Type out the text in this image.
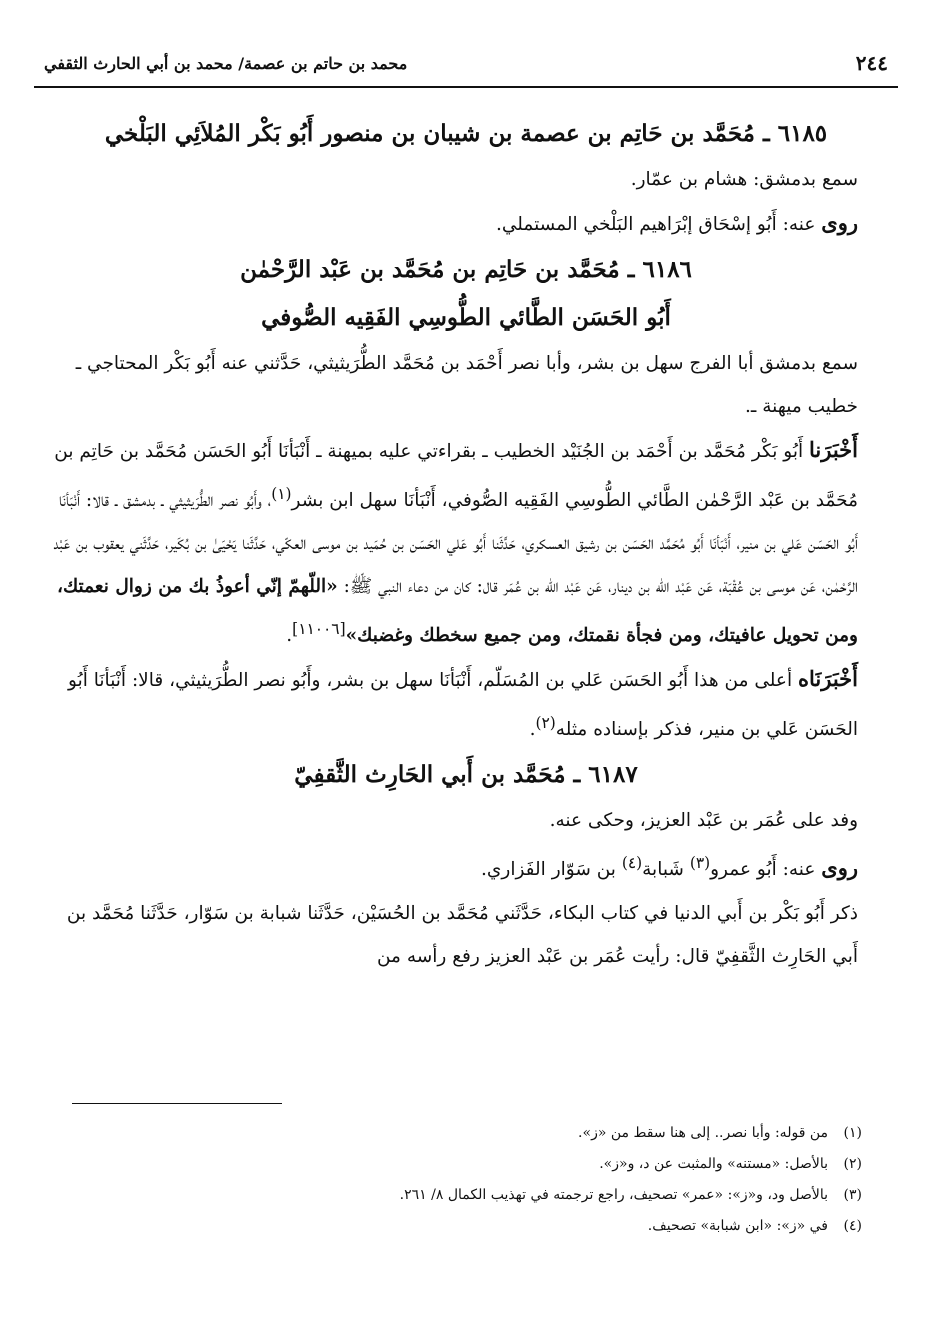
٢٤٤
محمد بن حاتم بن عصمة/ محمد بن أبي الحارث الثقفي

٦١٨٥ ـ مُحَمَّد بن حَاتِم بن عصمة بن شيبان بن منصور أَبُو بَكْر المُلاَئِي البَلْخي

سمع بدمشق: هشام بن عمّار.

روى عنه: أَبُو إسْحَاق إبْرَاهيم البَلْخي المستملي.

٦١٨٦ ـ مُحَمَّد بن حَاتِم بن مُحَمَّد بن عَبْد الرَّحْمٰن

أَبُو الحَسَن الطَّائي الطُّوسِي الفَقِيه الصُّوفي

سمع بدمشق أبا الفرج سهل بن بشر، وأبا نصر أَحْمَد بن مُحَمَّد الطُّرَيثيثي، حَدَّثني عنه أَبُو بَكْر المحتاجي ـ خطيب ميهنة ـ.

أَخْبَرَنا أَبُو بَكْر مُحَمَّد بن أَحْمَد بن الجُنَيْد الخطيب ـ بقراءتي عليه بميهنة ـ أَنْبَأنَا أَبُو الحَسَن مُحَمَّد بن حَاتِم بن مُحَمَّد بن عَبْد الرَّحْمٰن الطَّائي الطُّوسِي الفَقِيه الصُّوفي، أَنْبَأنَا سهل ابن بشر$^{(١)}$، وأَبُو نصر الطُّرَيثيثي ـ بدمشق ـ قالا: أَنْبَأنَا أَبُو الحَسَن عَلي بن منير، أَنْبَأنَا أَبُو مُحَمَّد الحَسَن بن رشيق العسكري، حَدَّثَنا أَبُو عَلي الحَسَن بن حُمَيد بن موسى العكّي، حَدَّثَنا يَحْيَىٰ بن بُكَير، حَدَّثَني يعقوب بن عَبْد الرَّحْمٰن، عَن موسى بن عُقْبَة، عَن عَبْد اللّه بن دينار، عَن عَبْد اللّه بن عُمَر قال: كان من دعاء النبي ﷺ: «اللّهمّ إنّي أعوذُ بك من زوال نعمتك، ومن تحويل عافيتك، ومن فجأة نقمتك، ومن جميع سخطك وغضبك»[١١٠٠٦].

أَخْبَرَنَاه أعلى من هذا أَبُو الحَسَن عَلي بن المُسَلّم، أَنْبَأنَا سهل بن بشر، وأَبُو نصر الطُّرَيثيثي، قالا: أَنْبَأنَا أَبُو الحَسَن عَلي بن منير، فذكر بإسناده مثله$^{(٢)}$.

٦١٨٧ ـ مُحَمَّد بن أَبي الحَارِث الثَّقفِيّ

وفد على عُمَر بن عَبْد العزيز، وحكى عنه.

روى عنه: أَبُو عمرو$^{(٣)}$ شَبابة$^{(٤)}$ بن سَوّار الفَزاري.

ذكر أَبُو بَكْر بن أَبي الدنيا في كتاب البكاء، حَدَّثَني مُحَمَّد بن الحُسَيْن، حَدَّثَنا شبابة بن سَوّار، حَدَّثَنا مُحَمَّد بن أَبي الحَارِث الثَّقفِيّ قال: رأيت عُمَر بن عَبْد العزيز رفع رأسه من

(١)من قوله: وأبا نصر.. إلى هنا سقط من «ز».

(٢)بالأصل: «مستنه» والمثبت عن د، و«ز».

(٣)بالأصل ود، و«ز»: «عمر» تصحيف، راجع ترجمته في تهذيب الكمال ٨/ ٢٦١.

(٤)في «ز»: «ابن شبابة» تصحيف.
